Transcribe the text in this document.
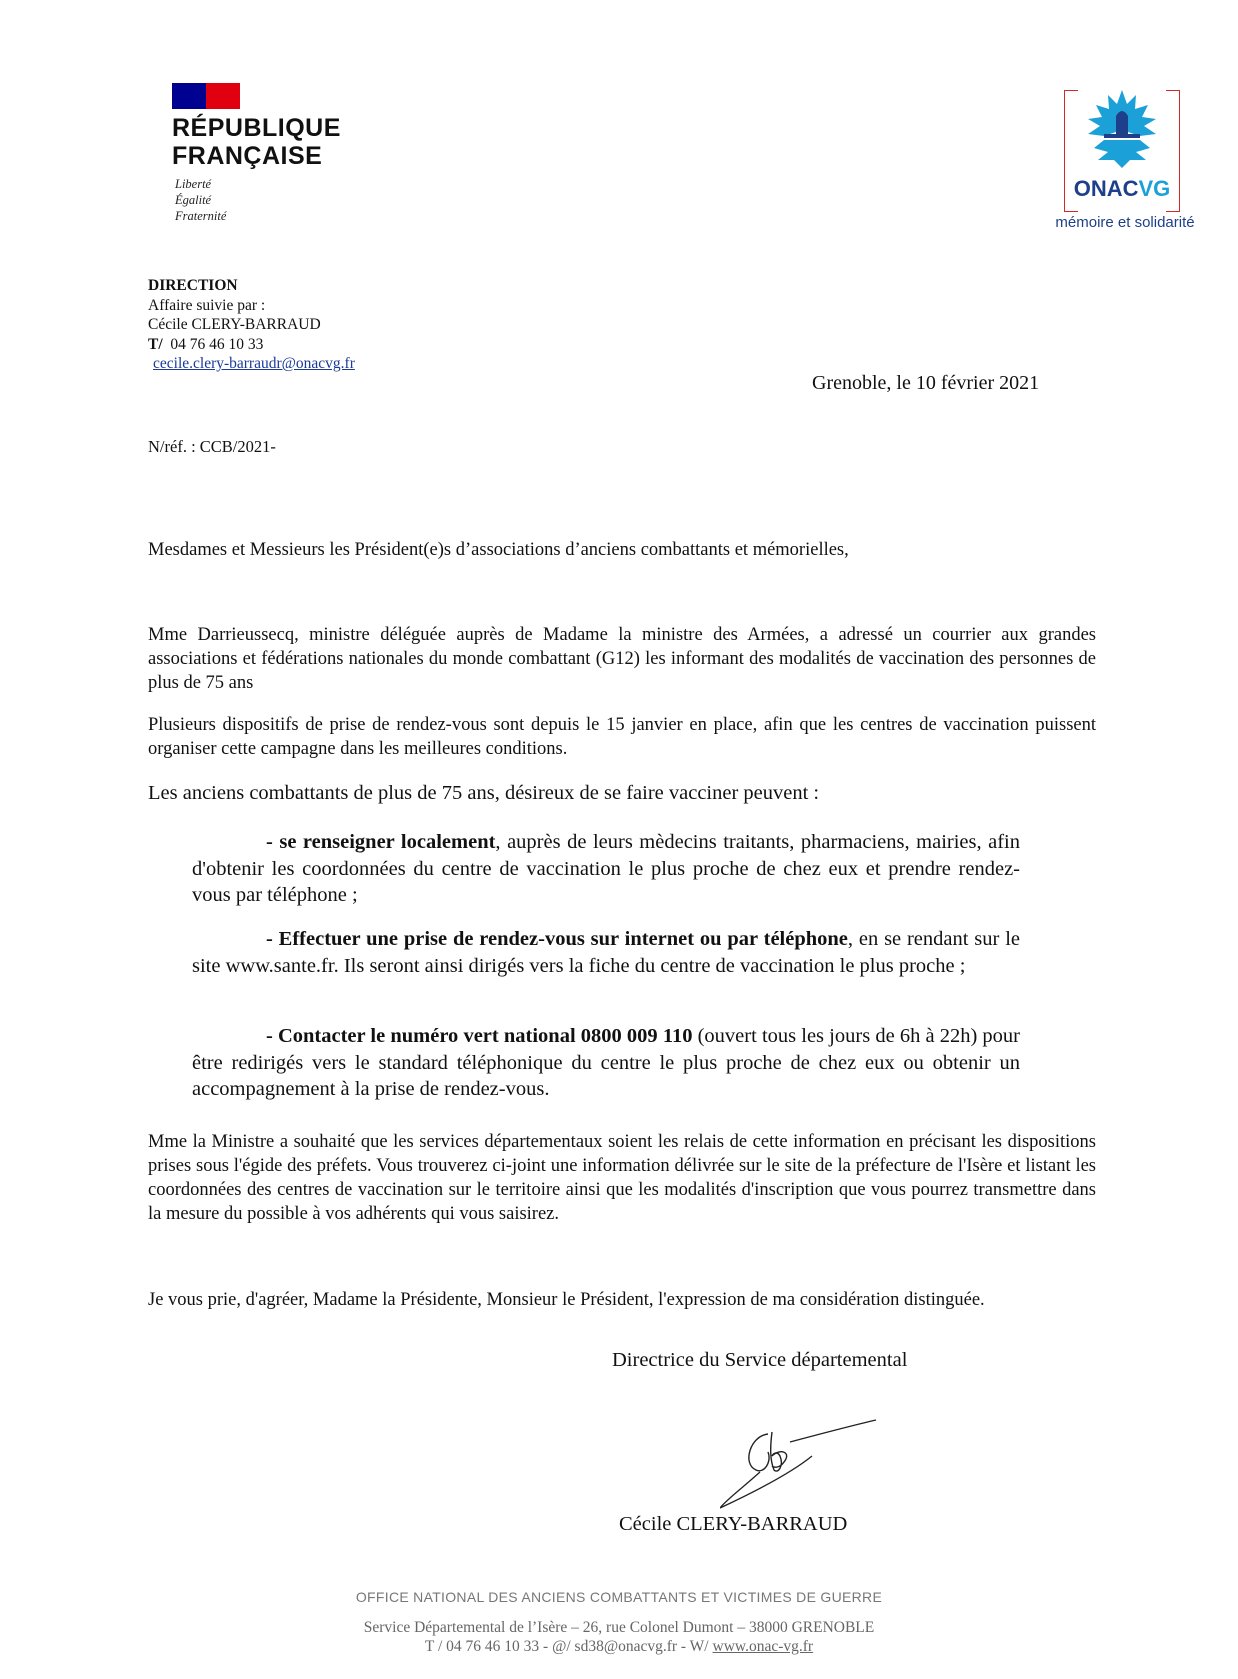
RÉPUBLIQUE
FRANÇAISE
Liberté
Égalité
Fraternité
ONACVG
mémoire et solidarité
DIRECTION
Affaire suivie par :
Cécile CLERY-BARRAUD
T/ 04 76 46 10 33
cecile.clery-barraudr@onacvg.fr
Grenoble, le 10 février 2021
N/réf. : CCB/2021-
Mesdames et Messieurs les Président(e)s d’associations d’anciens combattants et mémorielles,
Mme Darrieussecq, ministre déléguée auprès de Madame la ministre des Armées, a adressé un courrier aux grandes associations et fédérations nationales du monde combattant (G12) les informant des modalités de vaccination des personnes de plus de 75 ans
Plusieurs dispositifs de prise de rendez-vous sont depuis le 15 janvier en place, afin que les centres de vaccination puissent organiser cette campagne dans les meilleures conditions.
Les anciens combattants de plus de 75 ans, désireux de se faire vacciner peuvent :
- se renseigner localement, auprès de leurs mèdecins traitants, pharmaciens, mairies, afin d'obtenir les coordonnées du centre de vaccination le plus proche de chez eux et prendre rendez-vous par téléphone ;
- Effectuer une prise de rendez-vous sur internet ou par téléphone, en se rendant sur le site www.sante.fr. Ils seront ainsi dirigés vers la fiche du centre de vaccination le plus proche ;
- Contacter le numéro vert national 0800 009 110 (ouvert tous les jours de 6h à 22h) pour être redirigés vers le standard téléphonique du centre le plus proche de chez eux ou obtenir un accompagnement à la prise de rendez-vous.
Mme la Ministre a souhaité que les services départementaux soient les relais de cette information en précisant les dispositions prises sous l'égide des préfets. Vous trouverez ci-joint une information délivrée sur le site de la préfecture de l'Isère et listant les coordonnées des centres de vaccination sur le territoire ainsi que les modalités d'inscription que vous pourrez transmettre dans la mesure du possible à vos adhérents qui vous saisirez.
Je vous prie, d'agréer, Madame la Présidente, Monsieur le Président, l'expression de ma considération distinguée.
Directrice du Service départemental
Cécile CLERY-BARRAUD
OFFICE NATIONAL DES ANCIENS COMBATTANTS ET VICTIMES DE GUERRE
Service Départemental de l’Isère – 26, rue Colonel Dumont – 38000 GRENOBLE
T / 04 76 46 10 33 - @/ sd38@onacvg.fr - W/ www.onac-vg.fr
